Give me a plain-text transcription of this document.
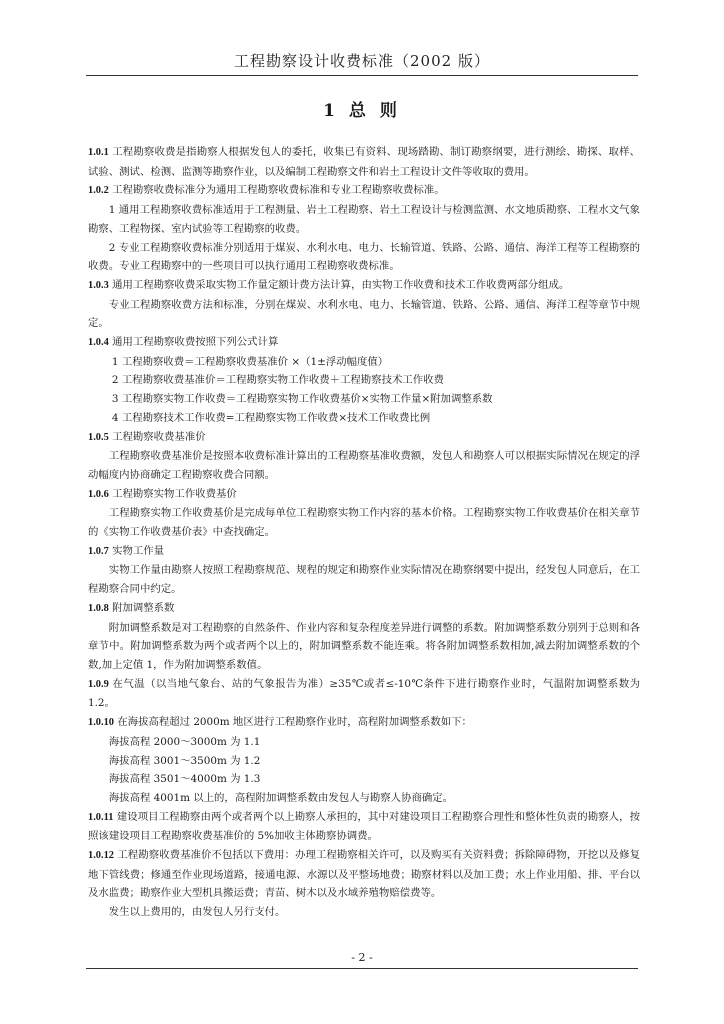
工程勘察设计收费标准（2002 版）
1 总 则

1.0.1 工程勘察收费是指勘察人根据发包人的委托，收集已有资料、现场踏勘、制订勘察纲要，进行测绘、勘探、取样、试验、测试、检测、监测等勘察作业，以及编制工程勘察文件和岩土工程设计文件等收取的费用。

1.0.2 工程勘察收费标准分为通用工程勘察收费标准和专业工程勘察收费标准。

1 通用工程勘察收费标准适用于工程测量、岩土工程勘察、岩土工程设计与检测监测、水文地质勘察、工程水文气象勘察、工程物探、室内试验等工程勘察的收费。

2 专业工程勘察收费标准分别适用于煤炭、水利水电、电力、长输管道、铁路、公路、通信、海洋工程等工程勘察的收费。专业工程勘察中的一些项目可以执行通用工程勘察收费标准。

1.0.3 通用工程勘察收费采取实物工作量定额计费方法计算，由实物工作收费和技术工作收费两部分组成。

专业工程勘察收费方法和标准，分别在煤炭、水利水电、电力、长输管道、铁路、公路、通信、海洋工程等章节中规定。

1.0.4 通用工程勘察收费按照下列公式计算

1 工程勘察收费＝工程勘察收费基准价 ×（1±浮动幅度值）

2 工程勘察收费基准价＝工程勘察实物工作收费＋工程勘察技术工作收费

3 工程勘察实物工作收费＝工程勘察实物工作收费基价×实物工作量×附加调整系数

4 工程勘察技术工作收费=工程勘察实物工作收费×技术工作收费比例

1.0.5 工程勘察收费基准价

工程勘察收费基准价是按照本收费标准计算出的工程勘察基准收费额，发包人和勘察人可以根据实际情况在规定的浮动幅度内协商确定工程勘察收费合同额。

1.0.6 工程勘察实物工作收费基价

工程勘察实物工作收费基价是完成每单位工程勘察实物工作内容的基本价格。工程勘察实物工作收费基价在相关章节的《实物工作收费基价表》中查找确定。

1.0.7 实物工作量

实物工作量由勘察人按照工程勘察规范、规程的规定和勘察作业实际情况在勘察纲要中提出，经发包人同意后，在工程勘察合同中约定。

1.0.8 附加调整系数

附加调整系数是对工程勘察的自然条件、作业内容和复杂程度差异进行调整的系数。附加调整系数分别列于总则和各章节中。附加调整系数为两个或者两个以上的，附加调整系数不能连乘。将各附加调整系数相加,减去附加调整系数的个数,加上定值 1，作为附加调整系数值。

1.0.9 在气温（以当地气象台、站的气象报告为准）≥35℃或者≤-10℃条件下进行勘察作业时，气温附加调整系数为 1.2。

1.0.10 在海拔高程超过 2000m 地区进行工程勘察作业时，高程附加调整系数如下：

海拔高程 2000～3000m 为 1.1

海拔高程 3001～3500m 为 1.2

海拔高程 3501～4000m 为 1.3

海拔高程 4001m 以上的，高程附加调整系数由发包人与勘察人协商确定。

1.0.11 建设项目工程勘察由两个或者两个以上勘察人承担的，其中对建设项目工程勘察合理性和整体性负责的勘察人，按照该建设项目工程勘察收费基准价的 5%加收主体勘察协调费。

1.0.12 工程勘察收费基准价不包括以下费用：办理工程勘察相关许可，以及购买有关资料费；拆除障碍物，开挖以及修复地下管线费；修通至作业现场道路，接通电源、水源以及平整场地费；勘察材料以及加工费；水上作业用船、排、平台以及水监费；勘察作业大型机具搬运费；青苗、树木以及水域养殖物赔偿费等。

发生以上费用的，由发包人另行支付。

- 2 -
